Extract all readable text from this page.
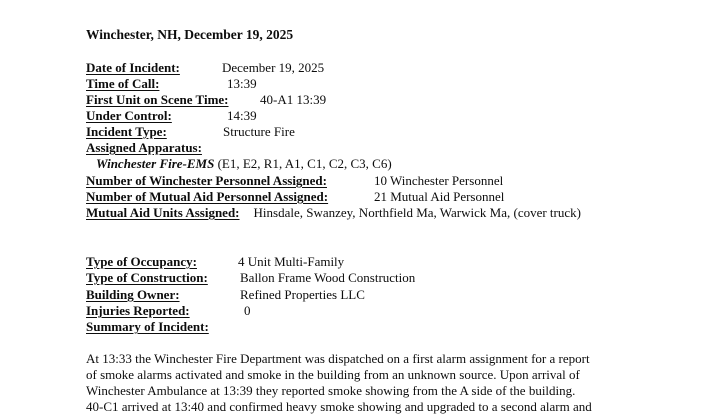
Winchester, NH, December 19, 2025
Date of Incident:	December 19, 2025
Time of Call:	13:39
First Unit on Scene Time: 40-A1 13:39
Under Control:	14:39
Incident Type:	Structure Fire
Assigned Apparatus:
Winchester Fire-EMS (E1, E2, R1, A1, C1, C2, C3, C6)
Number of Winchester Personnel Assigned:	10 Winchester Personnel
Number of Mutual Aid Personnel Assigned:	21 Mutual Aid Personnel
Mutual Aid Units Assigned: Hinsdale, Swanzey, Northfield Ma, Warwick Ma, (cover truck)
Type of Occupancy:	4 Unit Multi-Family
Type of Construction: Ballon Frame Wood Construction
Building Owner:	Refined Properties LLC
Injuries Reported:	0
Summary of Incident:

At 13:33 the Winchester Fire Department was dispatched on a first alarm assignment for a report

of smoke alarms activated and smoke in the building from an unknown source. Upon arrival of

Winchester Ambulance at 13:39 they reported smoke showing from the A side of the building.

40-C1 arrived at 13:40 and confirmed heavy smoke showing and upgraded to a second alarm and
